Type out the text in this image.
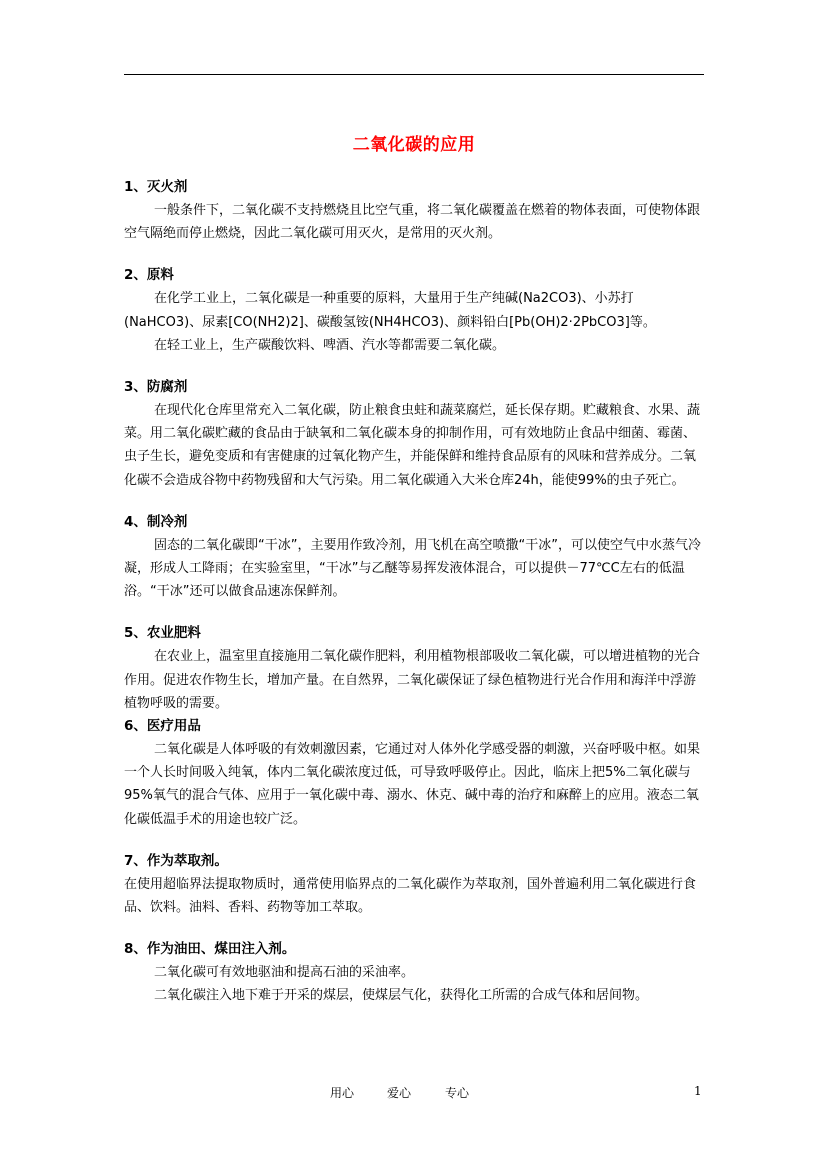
二氧化碳的应用
1、灭火剂

一般条件下，二氧化碳不支持燃烧且比空气重，将二氧化碳覆盖在燃着的物体表面，可使物体跟空气隔绝而停止燃烧，因此二氧化碳可用灭火，是常用的灭火剂。

2、原料

在化学工业上，二氧化碳是一种重要的原料，大量用于生产纯碱(Na2CO3)、小苏打(NaHCO3)、尿素[CO(NH2)2]、碳酸氢铵(NH4HCO3)、颜料铅白[Pb(OH)2·2PbCO3]等。

在轻工业上，生产碳酸饮料、啤酒、汽水等都需要二氧化碳。

3、防腐剂

在现代化仓库里常充入二氧化碳，防止粮食虫蛀和蔬菜腐烂，延长保存期。贮藏粮食、水果、蔬菜。用二氧化碳贮藏的食品由于缺氧和二氧化碳本身的抑制作用，可有效地防止食品中细菌、霉菌、虫子生长，避免变质和有害健康的过氧化物产生，并能保鲜和维持食品原有的风味和营养成分。二氧化碳不会造成谷物中药物残留和大气污染。用二氧化碳通入大米仓库24h，能使99%的虫子死亡。

4、制冷剂

固态的二氧化碳即“干冰”，主要用作致冷剂，用飞机在高空喷撒“干冰”，可以使空气中水蒸气冷凝，形成人工降雨；在实验室里，“干冰”与乙醚等易挥发液体混合，可以提供－77℃C左右的低温浴。“干冰”还可以做食品速冻保鲜剂。

5、农业肥料

在农业上，温室里直接施用二氧化碳作肥料，利用植物根部吸收二氧化碳，可以增进植物的光合作用。促进农作物生长，增加产量。在自然界，二氧化碳保证了绿色植物进行光合作用和海洋中浮游植物呼吸的需要。

6、医疗用品

二氧化碳是人体呼吸的有效刺激因素，它通过对人体外化学感受器的刺激，兴奋呼吸中枢。如果一个人长时间吸入纯氧，体内二氧化碳浓度过低，可导致呼吸停止。因此，临床上把5%二氧化碳与95%氧气的混合气体、应用于一氧化碳中毒、溺水、休克、碱中毒的治疗和麻醉上的应用。液态二氧化碳低温手术的用途也较广泛。

7、作为萃取剂。

在使用超临界法提取物质时，通常使用临界点的二氧化碳作为萃取剂，国外普遍利用二氧化碳进行食品、饮料。油料、香料、药物等加工萃取。

8、作为油田、煤田注入剂。

二氧化碳可有效地驱油和提高石油的采油率。

二氧化碳注入地下难于开采的煤层，使煤层气化，获得化工所需的合成气体和居间物。

用心	爱心	专心	1
